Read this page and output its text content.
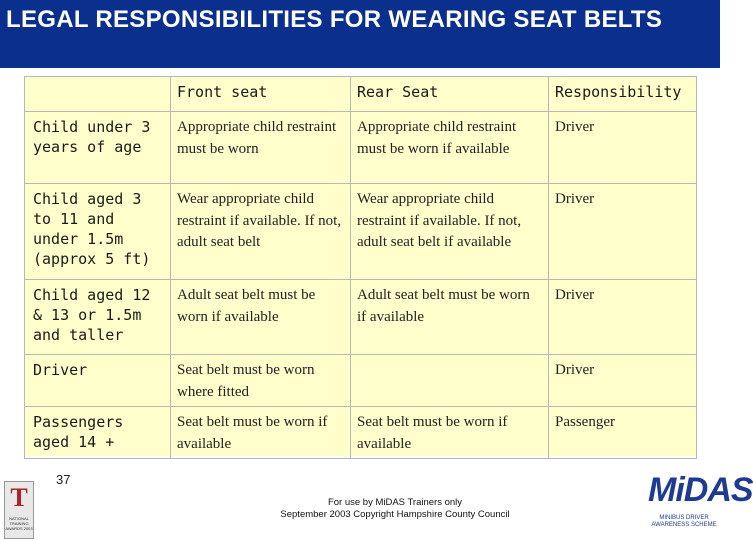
LEGAL RESPONSIBILITIES FOR WEARING SEAT BELTS
	Front seat	Rear Seat	Responsibility
Child under 3 years of age	Appropriate child restraint must be worn	Appropriate child restraint must be worn if available	Driver
Child aged 3 to 11 and under 1.5m (approx 5 ft)	Wear appropriate child restraint if available. If not, adult seat belt	Wear appropriate child restraint if available. If not, adult seat belt if available	Driver
Child aged 12 & 13 or 1.5m and taller	Adult seat belt must be worn if available	Adult seat belt must be worn if available	Driver
Driver	Seat belt must be worn where fitted		Driver
Passengers aged 14 +	Seat belt must be worn if available	Seat belt must be worn if available	Passenger
T
NATIONAL TRAINING AWARDS 2003
37
For use by MiDAS Trainers only
September 2003 Copyright Hampshire County Council
MiDAS
MINIBUS DRIVER AWARENESS SCHEME
